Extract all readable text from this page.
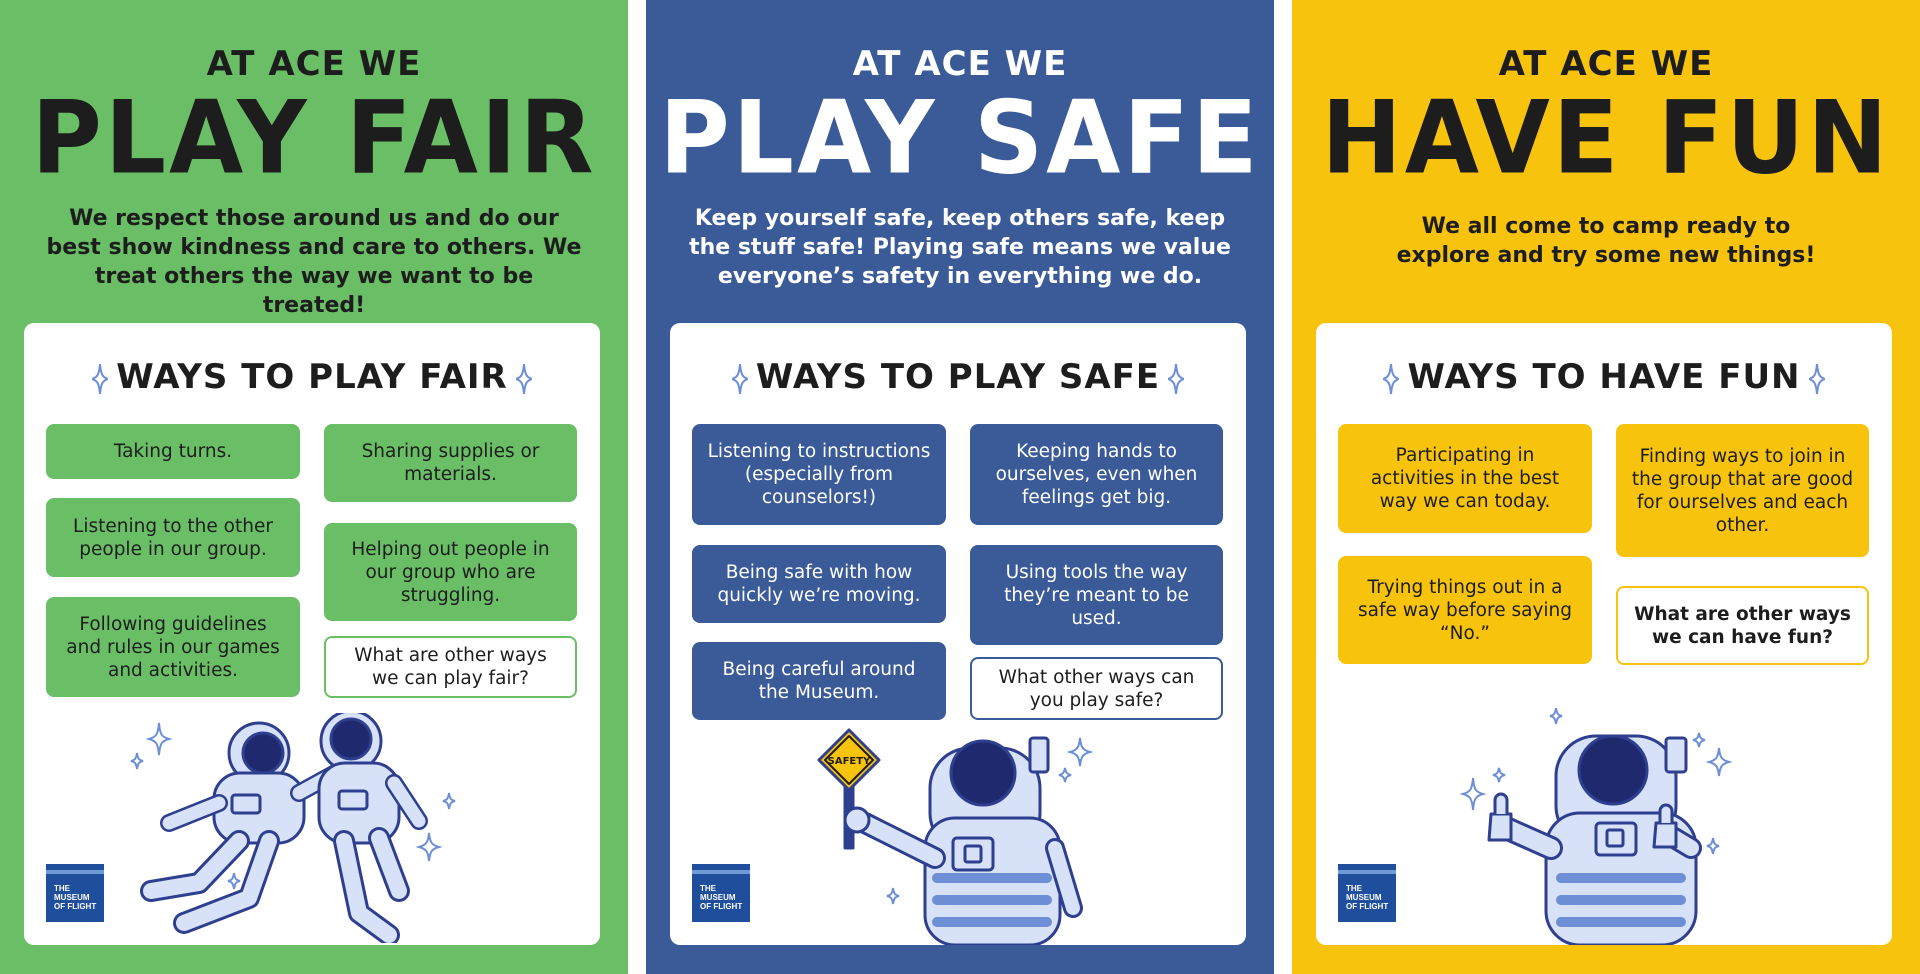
AT ACE WE
PLAY FAIR
We respect those around us and do our best show kindness and care to others. We treat others the way we want to be treated!
WAYS TO PLAY FAIR
Taking turns.
Listening to the other people in our group.
Following guidelines and rules in our games and activities.
Sharing supplies or materials.
Helping out people in our group who are struggling.
What are other ways we can play fair?
THE MUSEUM OF FLIGHT
AT ACE WE
PLAY SAFE
Keep yourself safe, keep others safe, keep the stuff safe! Playing safe means we value everyone’s safety in everything we do.
WAYS TO PLAY SAFE
Listening to instructions (especially from counselors!)
Being safe with how quickly we’re moving.
Being careful around the Museum.
Keeping hands to ourselves, even when feelings get big.
Using tools the way they’re meant to be used.
What other ways can you play safe?
SAFETY
THE MUSEUM OF FLIGHT
AT ACE WE
HAVE FUN
We all come to camp ready to explore and try some new things!
WAYS TO HAVE FUN
Participating in activities in the best way we can today.
Trying things out in a safe way before saying “No.”
Finding ways to join in the group that are good for ourselves and each other.
What are other ways we can have fun?
THE MUSEUM OF FLIGHT
